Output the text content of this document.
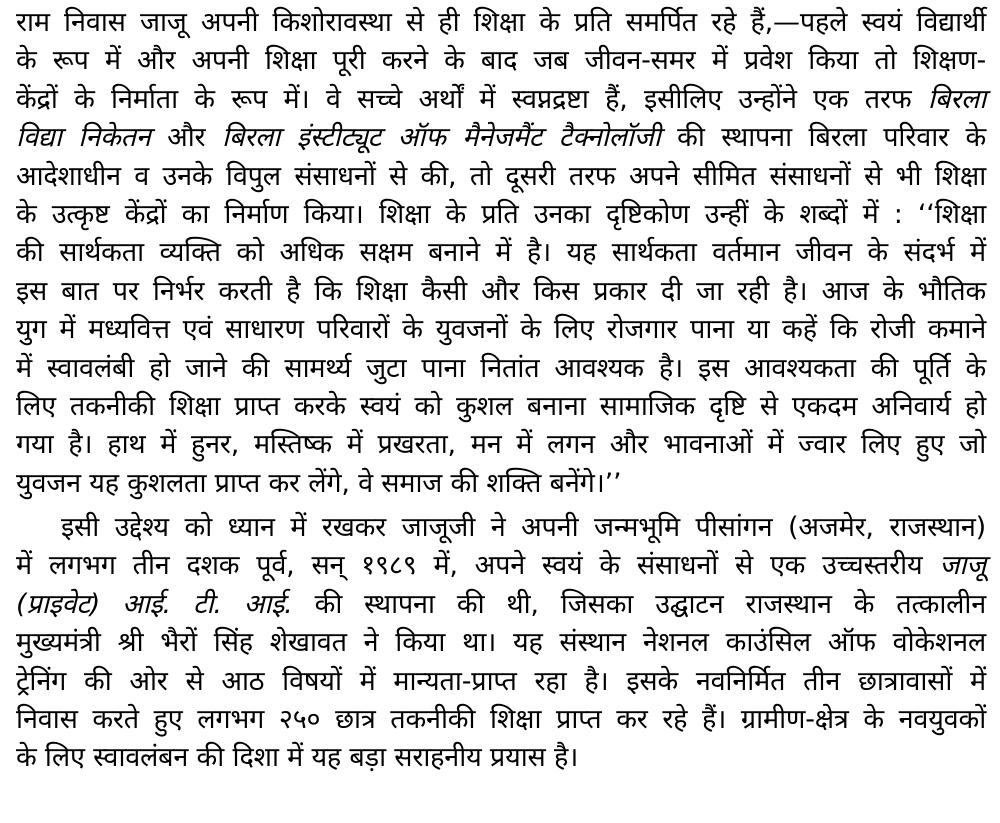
राम निवास जाजू अपनी किशोरावस्था से ही शिक्षा के प्रति समर्पित रहे हैं,—पहले स्वयं विद्यार्थी
के रूप में और अपनी शिक्षा पूरी करने के बाद जब जीवन-समर में प्रवेश किया तो शिक्षण-
केंद्रों के निर्माता के रूप में। वे सच्चे अर्थों में स्वप्नद्रष्टा हैं, इसीलिए उन्होंने एक तरफ बिरला
विद्या निकेतन और बिरला इंस्टीट्यूट ऑफ मैनेजमैंट टैक्नोलॉजी की स्थापना बिरला परिवार के
आदेशाधीन व उनके विपुल संसाधनों से की, तो दूसरी तरफ अपने सीमित संसाधनों से भी शिक्षा
के उत्कृष्ट केंद्रों का निर्माण किया। शिक्षा के प्रति उनका दृष्टिकोण उन्हीं के शब्दों में : ‘‘शिक्षा
की सार्थकता व्यक्ति को अधिक सक्षम बनाने में है। यह सार्थकता वर्तमान जीवन के संदर्भ में
इस बात पर निर्भर करती है कि शिक्षा कैसी और किस प्रकार दी जा रही है। आज के भौतिक
युग में मध्यवित्त एवं साधारण परिवारों के युवजनों के लिए रोजगार पाना या कहें कि रोजी कमाने
में स्वावलंबी हो जाने की सामर्थ्य जुटा पाना नितांत आवश्यक है। इस आवश्यकता की पूर्ति के
लिए तकनीकी शिक्षा प्राप्त करके स्वयं को कुशल बनाना सामाजिक दृष्टि से एकदम अनिवार्य हो
गया है। हाथ में हुनर, मस्तिष्क में प्रखरता, मन में लगन और भावनाओं में ज्वार लिए हुए जो
युवजन यह कुशलता प्राप्त कर लेंगे, वे समाज की शक्ति बनेंगे।’’

इसी उद्देश्य को ध्यान में रखकर जाजूजी ने अपनी जन्मभूमि पीसांगन (अजमेर, राजस्थान)
में लगभग तीन दशक पूर्व, सन् १९८९ में, अपने स्वयं के संसाधनों से एक उच्चस्तरीय जाजू
(प्राइवेट) आई. टी. आई. की स्थापना की थी, जिसका उद्घाटन राजस्थान के तत्कालीन
मुख्यमंत्री श्री भैरों सिंह शेखावत ने किया था। यह संस्थान नेशनल काउंसिल ऑफ वोकेशनल
ट्रेनिंग की ओर से आठ विषयों में मान्यता-प्राप्त रहा है। इसके नवनिर्मित तीन छात्रावासों में
निवास करते हुए लगभग २५० छात्र तकनीकी शिक्षा प्राप्त कर रहे हैं। ग्रामीण-क्षेत्र के नवयुवकों
के लिए स्वावलंबन की दिशा में यह बड़ा सराहनीय प्रयास है।
